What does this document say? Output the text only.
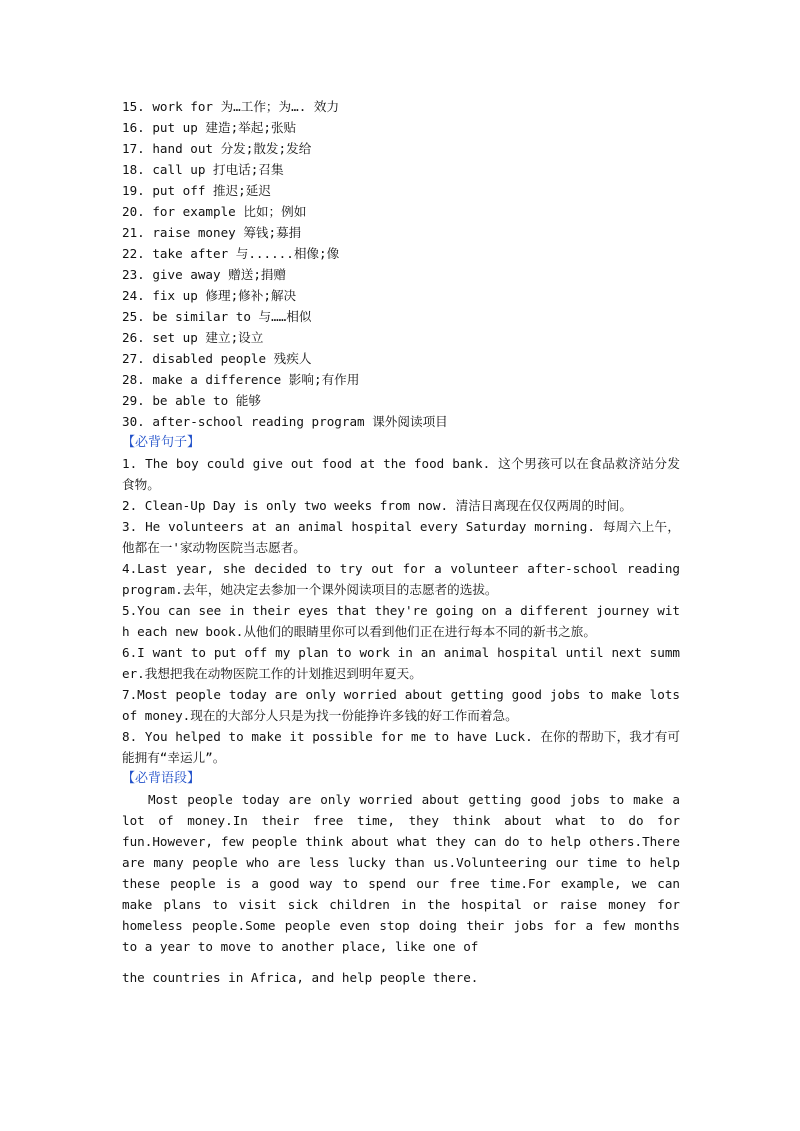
15. work for 为…工作；为…. 效力
16. put up 建造;举起;张贴
17. hand out 分发;散发;发给
18. call up 打电话;召集
19. put off 推迟;延迟
20. for example 比如；例如
21. raise money 筹钱;募捐
22. take after 与......相像;像
23. give away 赠送;捐赠
24. fix up 修理;修补;解决
25. be similar to 与……相似
26. set up 建立;设立
27. disabled people 残疾人
28. make a difference 影响;有作用
29. be able to 能够
30. after-school reading program 课外阅读项目
【必背句子】
1. The boy could give out food at the food bank. 这个男孩可以在食品救济站分发食物。
2. Clean-Up Day is only two weeks from now. 清洁日离现在仅仅两周的时间。
3. He volunteers at an animal hospital every Saturday morning. 每周六上午，他都在一'家动物医院当志愿者。
4.Last year, she decided to try out for a volunteer after-school reading program.去年，她决定去参加一个课外阅读项目的志愿者的选拔。
5.You can see in their eyes that they're going on a different journey with each new book.从他们的眼睛里你可以看到他们正在进行每本不同的新书之旅。
6.I want to put off my plan to work in an animal hospital until next summer.我想把我在动物医院工作的计划推迟到明年夏天。
7.Most people today are only worried about getting good jobs to make lots of money.现在的大部分人只是为找一份能挣许多钱的好工作而着急。
8. You helped to make it possible for me to have Luck. 在你的帮助下，我才有可能拥有“幸运儿”。
【必背语段】
Most people today are only worried about getting good jobs to make a lot of money.In their free time, they think about what to do for fun.However, few people think about what they can do to help others.There are many people who are less lucky than us.Volunteering our time to help these people is a good way to spend our free time.For example, we can make plans to visit sick children in the hospital or raise money for homeless people.Some people even stop doing their jobs for a few months to a year to move to another place, like one of
the countries in Africa, and help people there.
